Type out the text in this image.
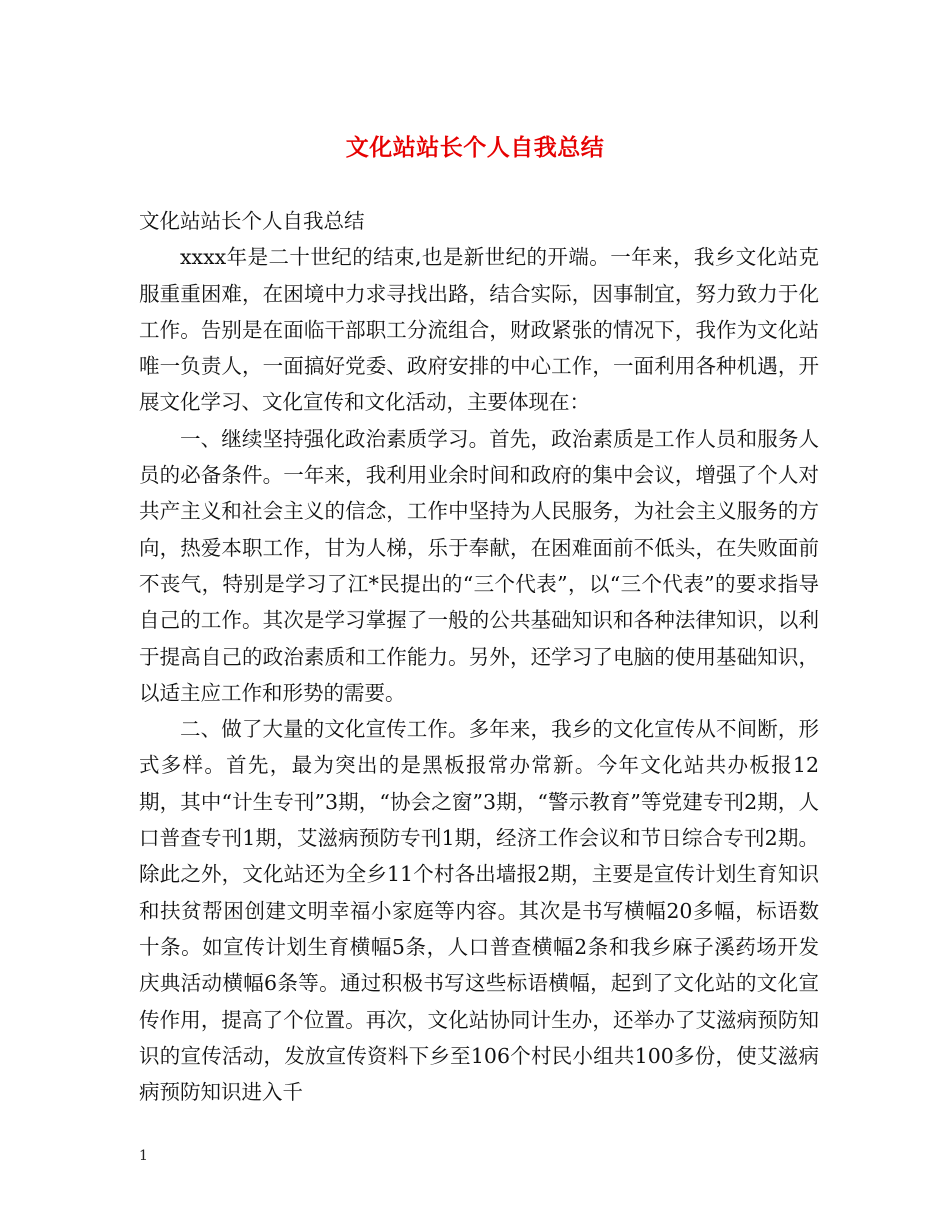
文化站站长个人自我总结

文化站站长个人自我总结

xxxx年是二十世纪的结束,也是新世纪的开端。一年来，我乡文化站克服重重困难，在困境中力求寻找出路，结合实际，因事制宜，努力致力于化工作。告别是在面临干部职工分流组合，财政紧张的情况下，我作为文化站唯一负责人，一面搞好党委、政府安排的中心工作，一面利用各种机遇，开展文化学习、文化宣传和文化活动，主要体现在：

一、继续坚持强化政治素质学习。首先，政治素质是工作人员和服务人员的必备条件。一年来，我利用业余时间和政府的集中会议，增强了个人对共产主义和社会主义的信念，工作中坚持为人民服务，为社会主义服务的方向，热爱本职工作，甘为人梯，乐于奉献，在困难面前不低头，在失败面前不丧气，特别是学习了江*民提出的“三个代表”，以“三个代表”的要求指导自己的工作。其次是学习掌握了一般的公共基础知识和各种法律知识，以利于提高自己的政治素质和工作能力。另外，还学习了电脑的使用基础知识，以适主应工作和形势的需要。

二、做了大量的文化宣传工作。多年来，我乡的文化宣传从不间断，形式多样。首先，最为突出的是黑板报常办常新。今年文化站共办板报12期，其中“计生专刊”3期，“协会之窗”3期，“警示教育”等党建专刊2期，人口普查专刊1期，艾滋病预防专刊1期，经济工作会议和节日综合专刊2期。除此之外，文化站还为全乡11个村各出墙报2期，主要是宣传计划生育知识和扶贫帮困创建文明幸福小家庭等内容。其次是书写横幅20多幅，标语数十条。如宣传计划生育横幅5条，人口普查横幅2条和我乡麻子溪药场开发庆典活动横幅6条等。通过积极书写这些标语横幅，起到了文化站的文化宣传作用，提高了个位置。再次，文化站协同计生办，还举办了艾滋病预防知识的宣传活动，发放宣传资料下乡至106个村民小组共100多份，使艾滋病病预防知识进入千

1
